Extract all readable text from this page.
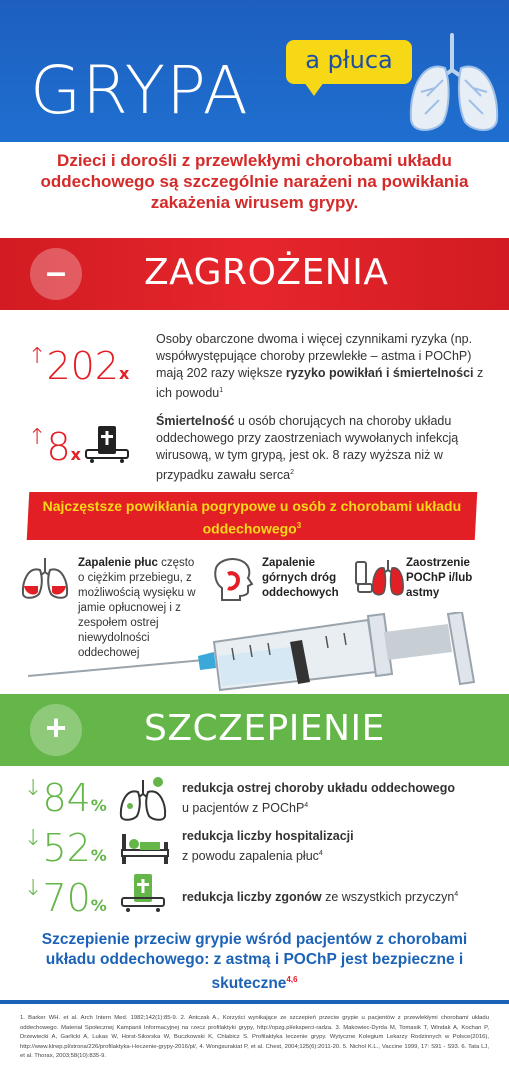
GRYPA	a płuca
Dzieci i dorośli z przewlekłymi chorobami układu oddechowego są szczególnie narażeni na powikłania zakażenia wirusem grypy.
–	ZAGROŻENIA
↑202x
Osoby obarczone dwoma i więcej czynnikami ryzyka (np. współwystępujące choroby przewlekłe – astma i POChP) mają 202 razy większe ryzyko powikłań i śmiertelności z ich powodu$^1$
↑8x
Śmiertelność u osób chorujących na choroby układu oddechowego przy zaostrzeniach wywołanych infekcją wirusową, w tym grypą, jest ok. 8 razy wyższa niż w przypadku zawału serca$^2$
Najczęstsze powikłania pogrypowe u osób z chorobami układu oddechowego$^3$
Zapalenie płuc często o ciężkim przebiegu, z możliwością wysięku w jamie opłucnowej i z zespołem ostrej niewydolności oddechowej
Zapalenie górnych dróg oddechowych
Zaostrzenie POChP i/lub astmy
+	SZCZEPIENIE
↓84%
redukcja ostrej choroby układu oddechowego
u pacjentów z POChP$^4$
↓52%
redukcja liczby hospitalizacji
z powodu zapalenia płuc$^4$
↓70%	redukcja liczby zgonów ze wszystkich przyczyn$^4$
Szczepienie przeciw grypie wśród pacjentów z chorobami układu oddechowego: z astmą i POChP jest bezpieczne i skuteczne$^{4,6}$

1. Barker WH. et al. Arch Intern Med. 1982;142(1):85-9. 2. Antczak A., Korzyści wynikające ze szczepień przeciw grypie u pacjentów z przewlekłymi chorobami układu oddechowego. Materiał Społecznej Kampanii Informacyjnej na rzecz profilaktyki grypy, http://opzg.pl/eksperci-radza. 3. Makowiec-Dyrda M, Tomasik T, Windak A, Kochan P, Drzewiecki A, Garlicki A, Lukas W, Horst-Sikorska W, Buczkowski K, Chlabicz S. Profilaktyka leczenie grypy. Wytyczne Kolegium Lekarzy Rodzinnych w Polsce(2016), http://www.klrwp.pl/strona/226/profilaktyka-i-leczenie-grypy-2016/pl/, 4. Wongsurakiat P, et al. Chest, 2004;125(6):2011-20. 5. Nichol K.L., Vaccine 1999, 17: S91 - S93. 6. Tata LJ, et al. Thorax, 2003;58(10):835-9.
